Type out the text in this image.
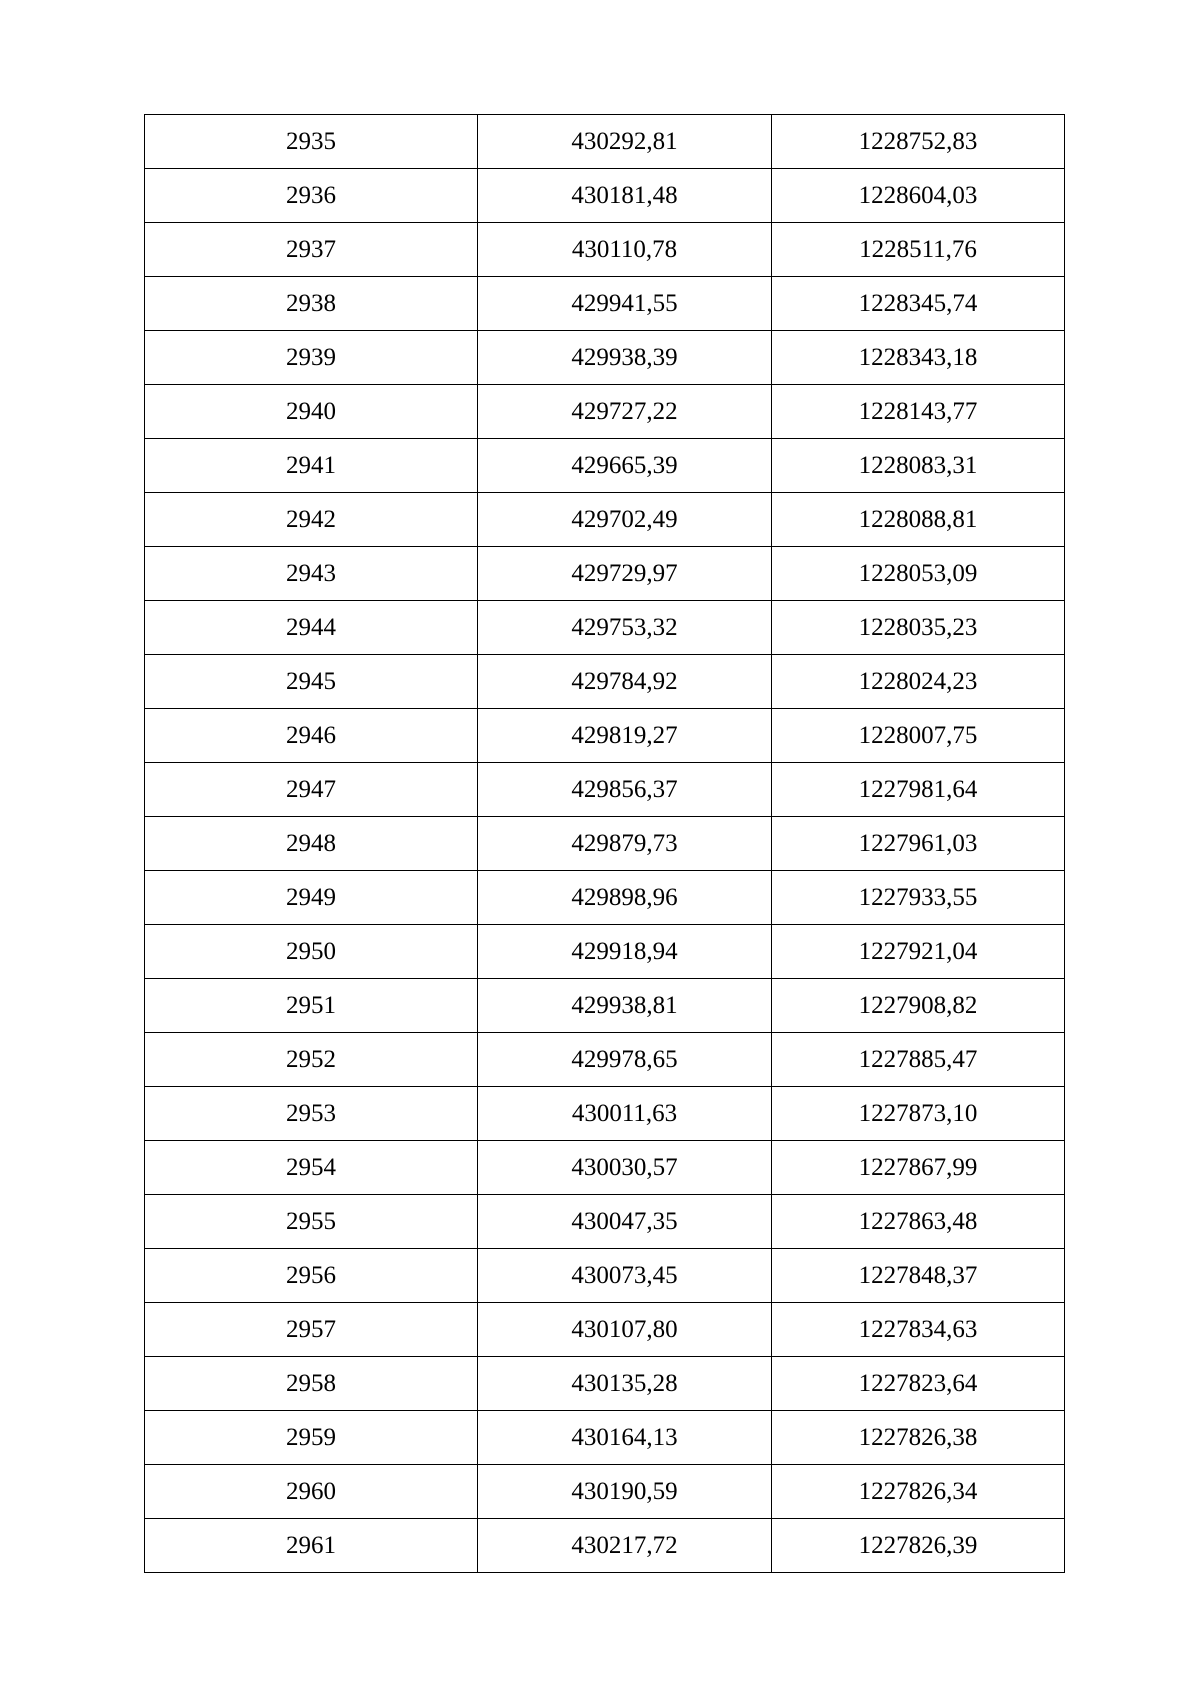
2935	430292,81	1228752,83
2936	430181,48	1228604,03
2937	430110,78	1228511,76
2938	429941,55	1228345,74
2939	429938,39	1228343,18
2940	429727,22	1228143,77
2941	429665,39	1228083,31
2942	429702,49	1228088,81
2943	429729,97	1228053,09
2944	429753,32	1228035,23
2945	429784,92	1228024,23
2946	429819,27	1228007,75
2947	429856,37	1227981,64
2948	429879,73	1227961,03
2949	429898,96	1227933,55
2950	429918,94	1227921,04
2951	429938,81	1227908,82
2952	429978,65	1227885,47
2953	430011,63	1227873,10
2954	430030,57	1227867,99
2955	430047,35	1227863,48
2956	430073,45	1227848,37
2957	430107,80	1227834,63
2958	430135,28	1227823,64
2959	430164,13	1227826,38
2960	430190,59	1227826,34
2961	430217,72	1227826,39
